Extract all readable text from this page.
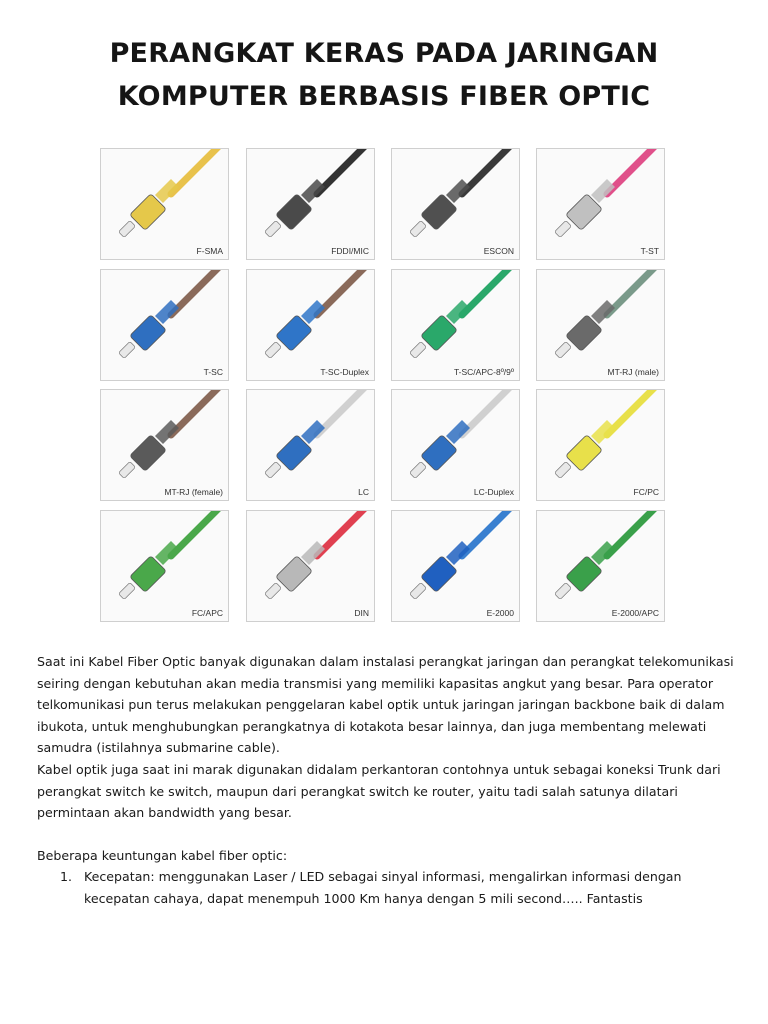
PERANGKAT KERAS PADA JARINGAN
KOMPUTER BERBASIS FIBER OPTIC
F-SMA	FDDI/MIC	ESCON	T-ST
T-SC	T-SC-Duplex	T-SC/APC-8º/9º	MT-RJ (male)
MT-RJ (female)	LC	LC-Duplex	FC/PC
FC/APC	DIN	E-2000	E-2000/APC

Saat ini Kabel Fiber Optic banyak digunakan dalam instalasi perangkat jaringan dan perangkat telekomunikasi seiring dengan kebutuhan akan media transmisi yang memiliki kapasitas angkut yang besar. Para operator telkomunikasi pun terus melakukan penggelaran kabel optik untuk jaringan jaringan backbone baik di dalam ibukota, untuk menghubungkan perangkatnya di kotakota besar lainnya, dan juga membentang melewati samudra (istilahnya submarine cable).

Kabel optik juga saat ini marak digunakan didalam perkantoran contohnya untuk sebagai koneksi Trunk dari perangkat switch ke switch, maupun dari perangkat switch ke router, yaitu tadi salah satunya dilatari permintaan akan bandwidth yang besar.

Beberapa keuntungan kabel fiber optic:

1. Kecepatan: menggunakan Laser / LED sebagai sinyal informasi, mengalirkan informasi dengan kecepatan cahaya, dapat menempuh 1000 Km hanya dengan 5 mili second….. Fantastis
